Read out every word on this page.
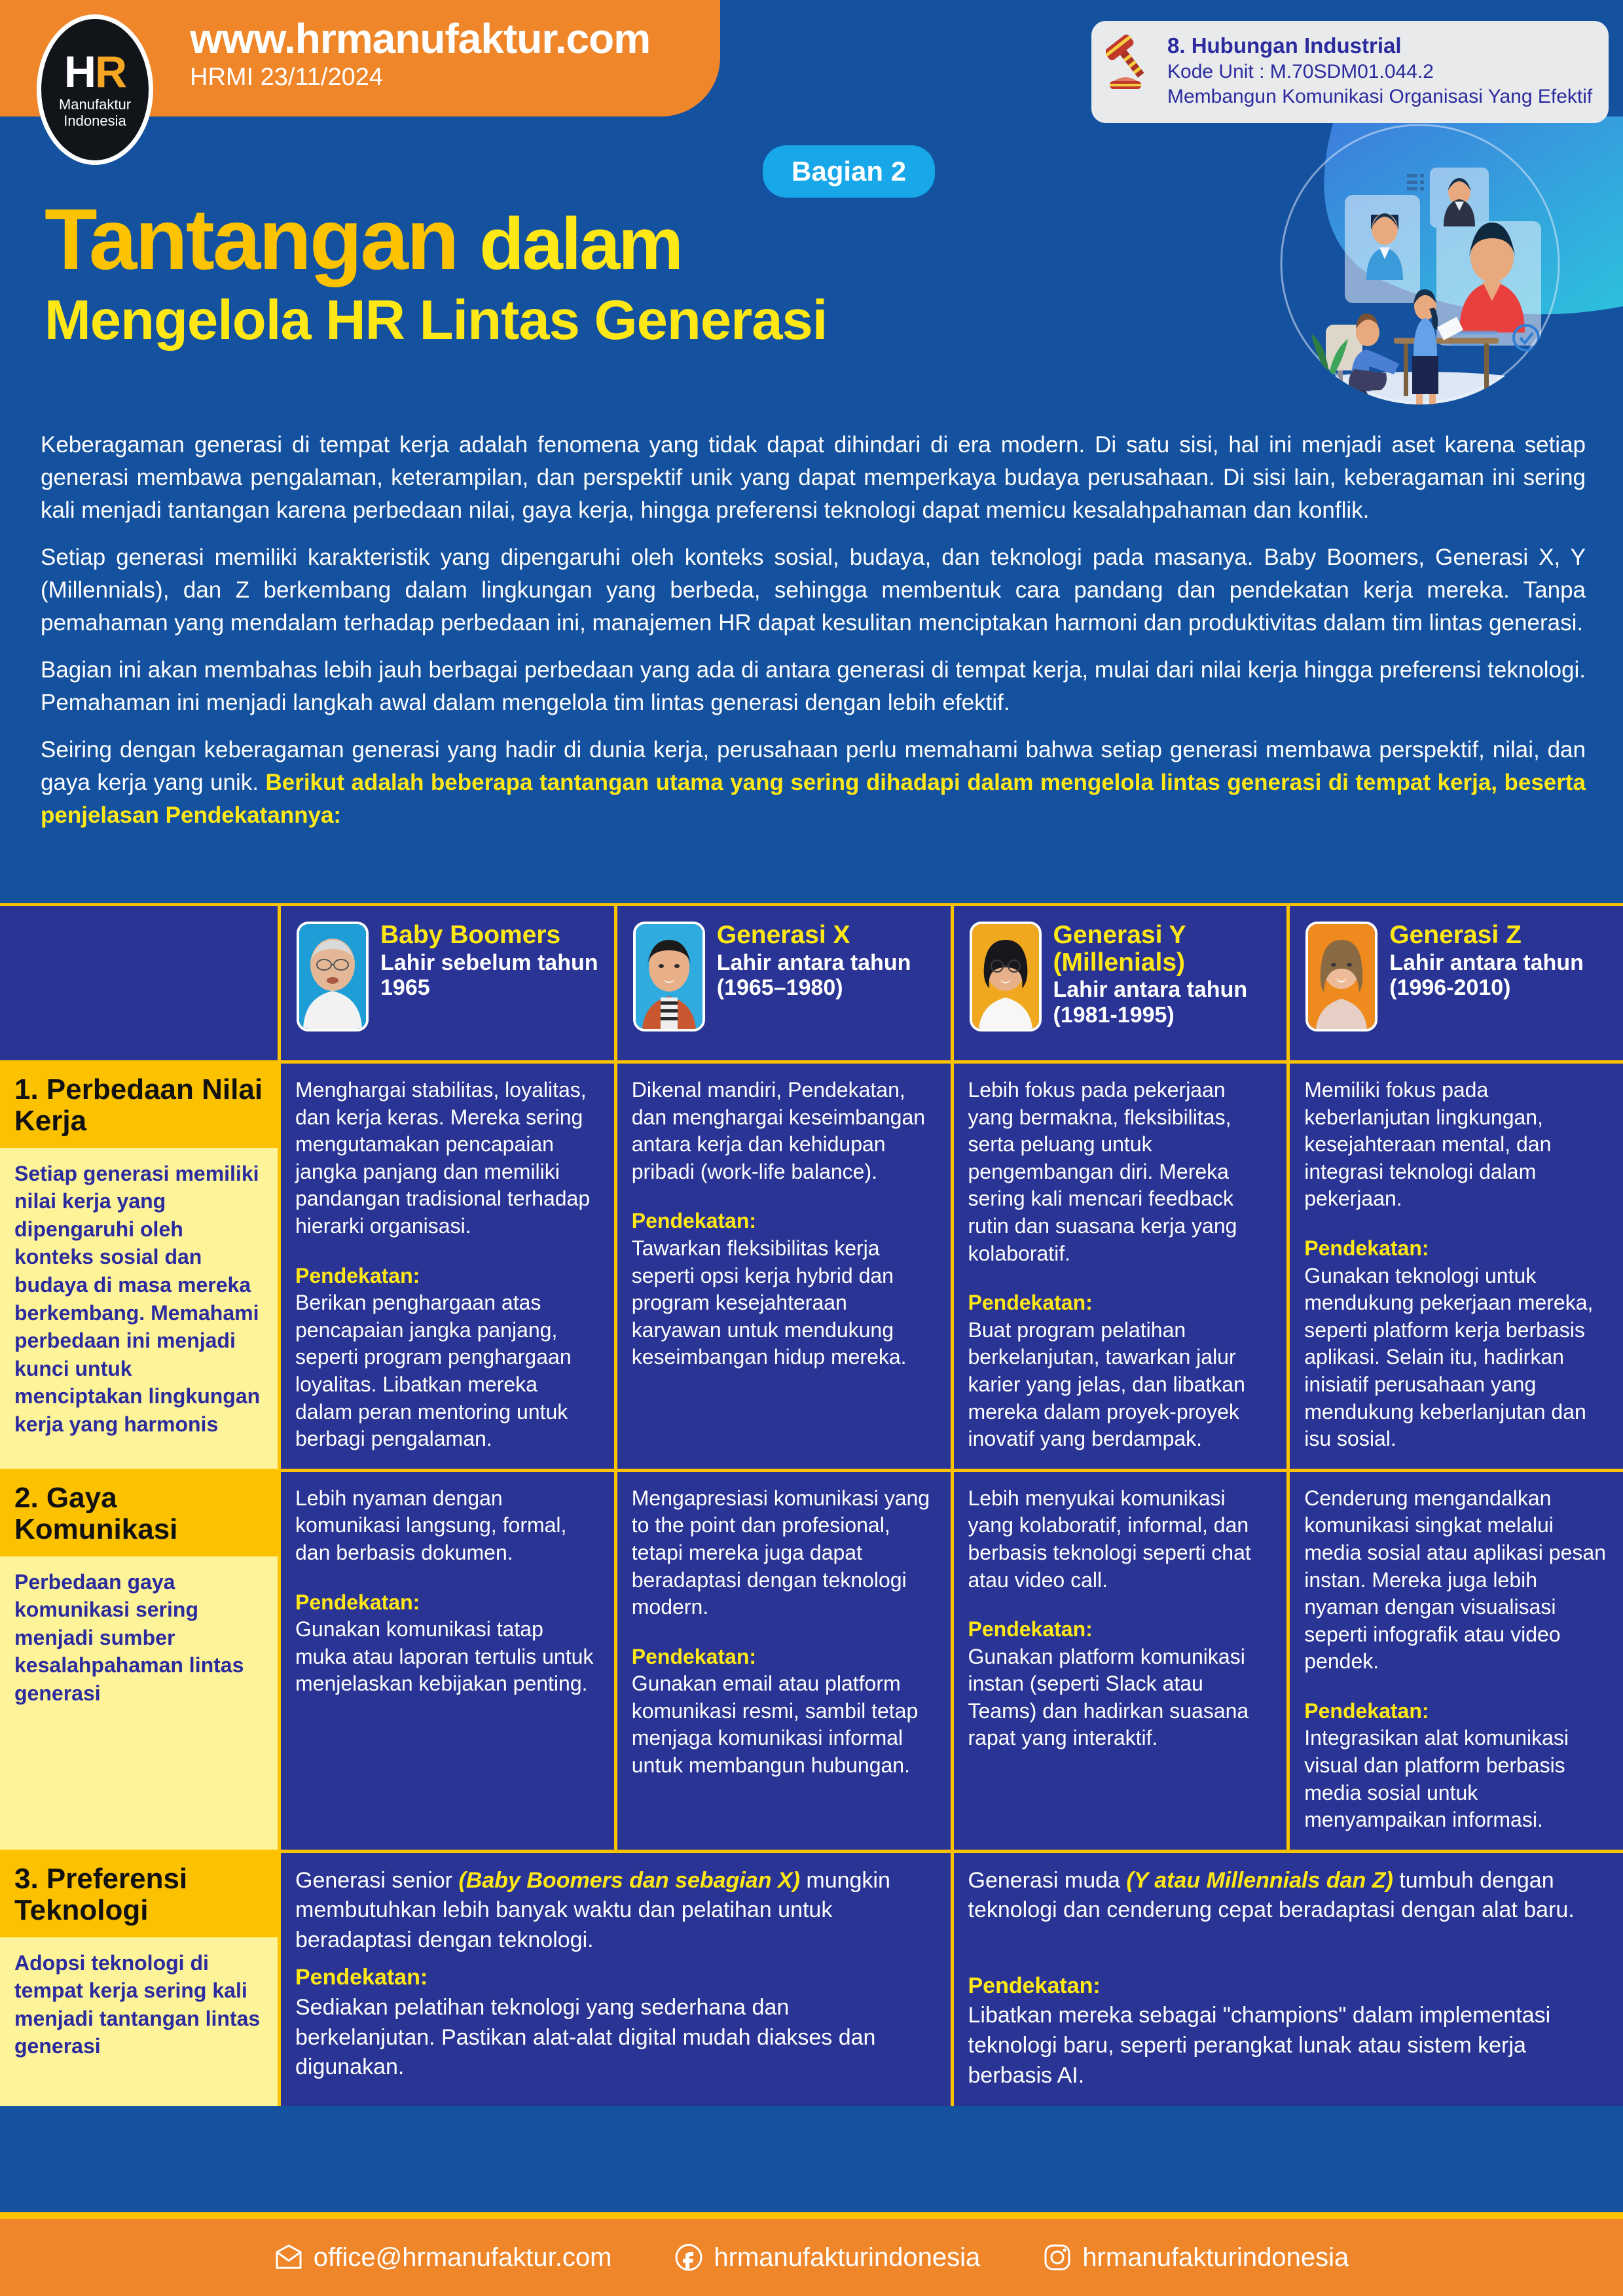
HR
Manufaktur
Indonesia
www.hrmanufaktur.com
HRMI 23/11/2024
8. Hubungan Industrial
Kode Unit : M.70SDM01.044.2
Membangun Komunikasi Organisasi Yang Efektif
Bagian 2
Tantangan dalam
Mengelola HR Lintas Generasi

Keberagaman generasi di tempat kerja adalah fenomena yang tidak dapat dihindari di era modern. Di satu sisi, hal ini menjadi aset karena setiap generasi membawa pengalaman, keterampilan, dan perspektif unik yang dapat memperkaya budaya perusahaan. Di sisi lain, keberagaman ini sering kali menjadi tantangan karena perbedaan nilai, gaya kerja, hingga preferensi teknologi dapat memicu kesalahpahaman dan konflik.

Setiap generasi memiliki karakteristik yang dipengaruhi oleh konteks sosial, budaya, dan teknologi pada masanya. Baby Boomers, Generasi X, Y (Millennials), dan Z berkembang dalam lingkungan yang berbeda, sehingga membentuk cara pandang dan pendekatan kerja mereka. Tanpa pemahaman yang mendalam terhadap perbedaan ini, manajemen HR dapat kesulitan menciptakan harmoni dan produktivitas dalam tim lintas generasi.

Bagian ini akan membahas lebih jauh berbagai perbedaan yang ada di antara generasi di tempat kerja, mulai dari nilai kerja hingga preferensi teknologi. Pemahaman ini menjadi langkah awal dalam mengelola tim lintas generasi dengan lebih efektif.

Seiring dengan keberagaman generasi yang hadir di dunia kerja, perusahaan perlu memahami bahwa setiap generasi membawa perspektif, nilai, dan gaya kerja yang unik. Berikut adalah beberapa tantangan utama yang sering dihadapi dalam mengelola lintas generasi di tempat kerja, beserta penjelasan Pendekatannya:

Baby Boomers
Lahir sebelum tahun 1965
Generasi X
Lahir antara tahun (1965–1980)
Generasi Y (Millenials)
Lahir antara tahun (1981-1995)
Generasi Z
Lahir antara tahun (1996-2010)
1. Perbedaan Nilai Kerja
Setiap generasi memiliki nilai kerja yang dipengaruhi oleh konteks sosial dan budaya di masa mereka berkembang. Memahami perbedaan ini menjadi kunci untuk menciptakan lingkungan kerja yang harmonis

Menghargai stabilitas, loyalitas, dan kerja keras. Mereka sering mengutamakan pencapaian jangka panjang dan memiliki pandangan tradisional terhadap hierarki organisasi.

Pendekatan:
Berikan penghargaan atas pencapaian jangka panjang, seperti program penghargaan loyalitas. Libatkan mereka dalam peran mentoring untuk berbagi pengalaman.

Dikenal mandiri, Pendekatan, dan menghargai keseimbangan antara kerja dan kehidupan pribadi (work-life balance).

Pendekatan:
Tawarkan fleksibilitas kerja seperti opsi kerja hybrid dan program kesejahteraan karyawan untuk mendukung keseimbangan hidup mereka.

Lebih fokus pada pekerjaan yang bermakna, fleksibilitas, serta peluang untuk pengembangan diri. Mereka sering kali mencari feedback rutin dan suasana kerja yang kolaboratif.

Pendekatan:
Buat program pelatihan berkelanjutan, tawarkan jalur karier yang jelas, dan libatkan mereka dalam proyek-proyek inovatif yang berdampak.

Memiliki fokus pada keberlanjutan lingkungan, kesejahteraan mental, dan integrasi teknologi dalam pekerjaan.

Pendekatan:
Gunakan teknologi untuk mendukung pekerjaan mereka, seperti platform kerja berbasis aplikasi. Selain itu, hadirkan inisiatif perusahaan yang mendukung keberlanjutan dan isu sosial.

2. Gaya Komunikasi
Perbedaan gaya komunikasi sering menjadi sumber kesalahpahaman lintas generasi

Lebih nyaman dengan komunikasi langsung, formal, dan berbasis dokumen.

Pendekatan:
Gunakan komunikasi tatap muka atau laporan tertulis untuk menjelaskan kebijakan penting.

Mengapresiasi komunikasi yang to the point dan profesional, tetapi mereka juga dapat beradaptasi dengan teknologi modern.

Pendekatan:
Gunakan email atau platform komunikasi resmi, sambil tetap menjaga komunikasi informal untuk membangun hubungan.

Lebih menyukai komunikasi yang kolaboratif, informal, dan berbasis teknologi seperti chat atau video call.

Pendekatan:
Gunakan platform komunikasi instan (seperti Slack atau Teams) dan hadirkan suasana rapat yang interaktif.

Cenderung mengandalkan komunikasi singkat melalui media sosial atau aplikasi pesan instan. Mereka juga lebih nyaman dengan visualisasi seperti infografik atau video pendek.

Pendekatan:
Integrasikan alat komunikasi visual dan platform berbasis media sosial untuk menyampaikan informasi.

3. Preferensi Teknologi
Adopsi teknologi di tempat kerja sering kali menjadi tantangan lintas generasi

Generasi senior (Baby Boomers dan sebagian X) mungkin membutuhkan lebih banyak waktu dan pelatihan untuk beradaptasi dengan teknologi.

Pendekatan:
Sediakan pelatihan teknologi yang sederhana dan berkelanjutan. Pastikan alat-alat digital mudah diakses dan digunakan.

Generasi muda (Y atau Millennials dan Z) tumbuh dengan teknologi dan cenderung cepat beradaptasi dengan alat baru.

Pendekatan:
Libatkan mereka sebagai "champions" dalam implementasi teknologi baru, seperti perangkat lunak atau sistem kerja berbasis AI.

office@hrmanufaktur.com	hrmanufakturindonesia	hrmanufakturindonesia
